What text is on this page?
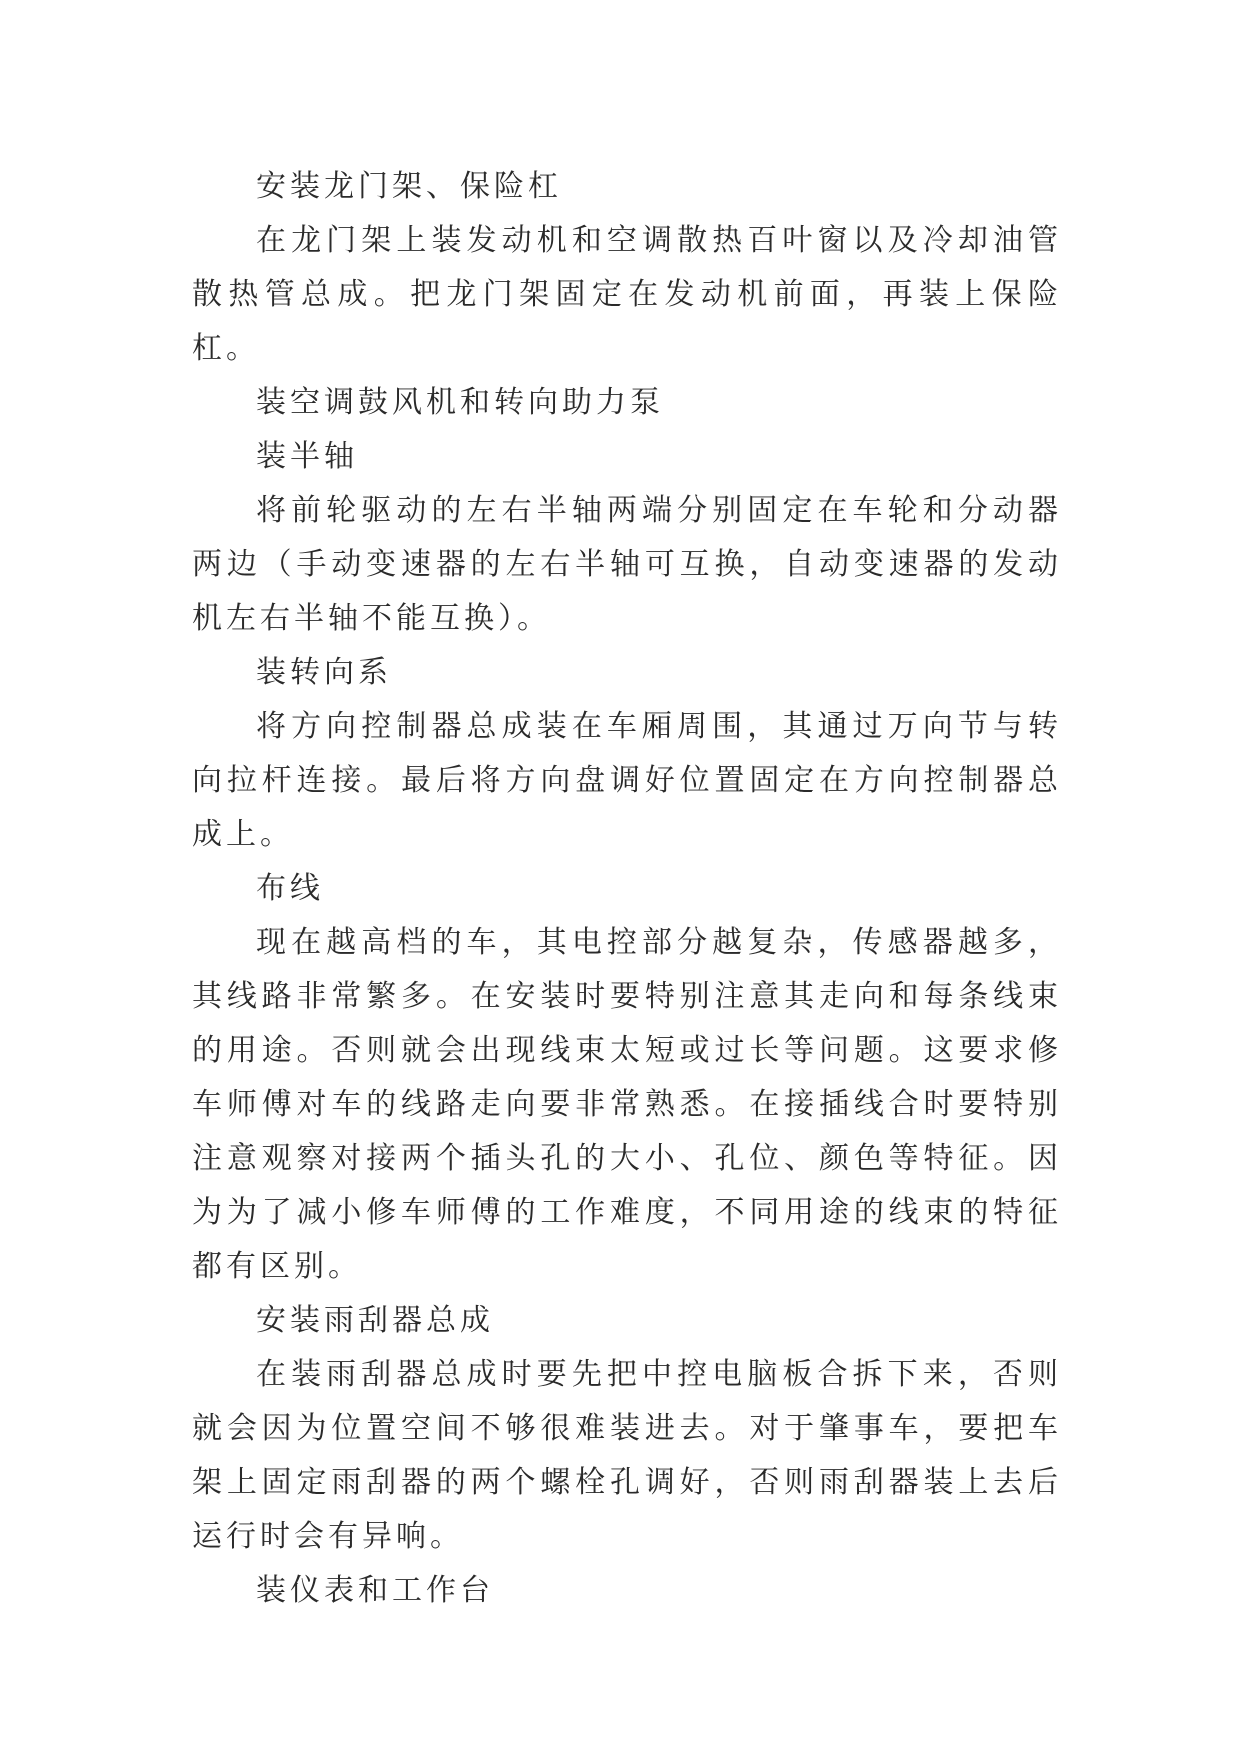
安装龙门架、保险杠

在龙门架上装发动机和空调散热百叶窗以及冷却油管散热管总成。把龙门架固定在发动机前面，再装上保险杠。

装空调鼓风机和转向助力泵

装半轴

将前轮驱动的左右半轴两端分别固定在车轮和分动器两边（手动变速器的左右半轴可互换，自动变速器的发动机左右半轴不能互换）。

装转向系

将方向控制器总成装在车厢周围，其通过万向节与转向拉杆连接。最后将方向盘调好位置固定在方向控制器总成上。

布线

现在越高档的车，其电控部分越复杂，传感器越多，其线路非常繁多。在安装时要特别注意其走向和每条线束的用途。否则就会出现线束太短或过长等问题。这要求修车师傅对车的线路走向要非常熟悉。在接插线合时要特别注意观察对接两个插头孔的大小、孔位、颜色等特征。因为为了减小修车师傅的工作难度，不同用途的线束的特征都有区别。

安装雨刮器总成

在装雨刮器总成时要先把中控电脑板合拆下来，否则就会因为位置空间不够很难装进去。对于肇事车，要把车架上固定雨刮器的两个螺栓孔调好，否则雨刮器装上去后运行时会有异响。

装仪表和工作台
